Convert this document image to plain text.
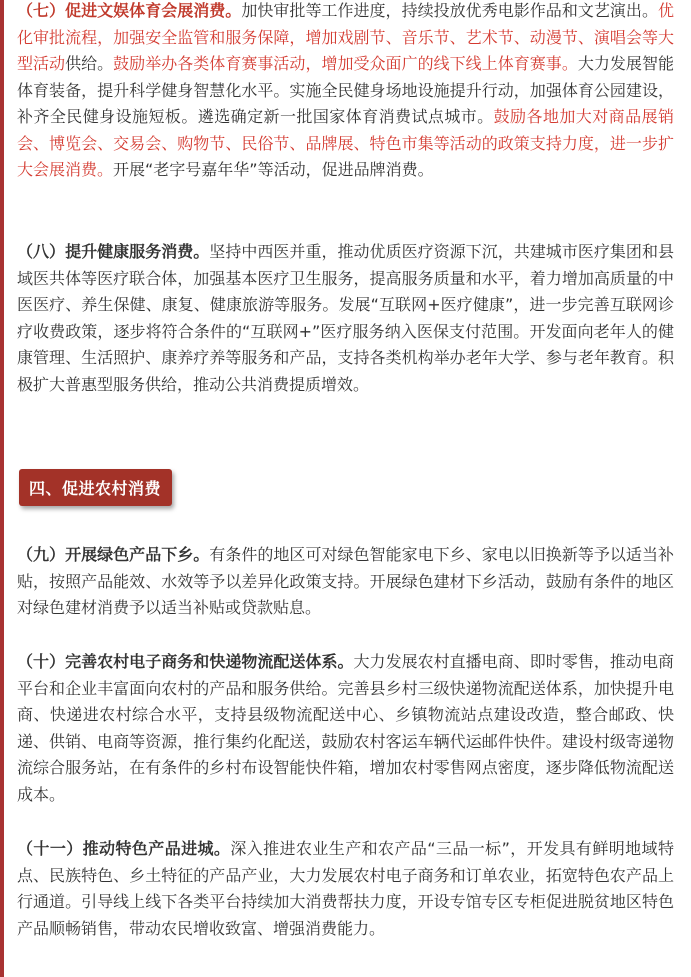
（七）促进文娱体育会展消费。加快审批等工作进度，持续投放优秀电影作品和文艺演出。优化审批流程，加强安全监管和服务保障，增加戏剧节、音乐节、艺术节、动漫节、演唱会等大型活动供给。鼓励举办各类体育赛事活动，增加受众面广的线下线上体育赛事。大力发展智能体育装备，提升科学健身智慧化水平。实施全民健身场地设施提升行动，加强体育公园建设，补齐全民健身设施短板。遴选确定新一批国家体育消费试点城市。鼓励各地加大对商品展销会、博览会、交易会、购物节、民俗节、品牌展、特色市集等活动的政策支持力度，进一步扩大会展消费。开展“老字号嘉年华”等活动，促进品牌消费。

（八）提升健康服务消费。坚持中西医并重，推动优质医疗资源下沉，共建城市医疗集团和县域医共体等医疗联合体，加强基本医疗卫生服务，提高服务质量和水平，着力增加高质量的中医医疗、养生保健、康复、健康旅游等服务。发展“互联网+医疗健康”，进一步完善互联网诊疗收费政策，逐步将符合条件的“互联网+”医疗服务纳入医保支付范围。开发面向老年人的健康管理、生活照护、康养疗养等服务和产品，支持各类机构举办老年大学、参与老年教育。积极扩大普惠型服务供给，推动公共消费提质增效。

四、促进农村消费

（九）开展绿色产品下乡。有条件的地区可对绿色智能家电下乡、家电以旧换新等予以适当补贴，按照产品能效、水效等予以差异化政策支持。开展绿色建材下乡活动，鼓励有条件的地区对绿色建材消费予以适当补贴或贷款贴息。

（十）完善农村电子商务和快递物流配送体系。大力发展农村直播电商、即时零售，推动电商平台和企业丰富面向农村的产品和服务供给。完善县乡村三级快递物流配送体系，加快提升电商、快递进农村综合水平，支持县级物流配送中心、乡镇物流站点建设改造，整合邮政、快递、供销、电商等资源，推行集约化配送，鼓励农村客运车辆代运邮件快件。建设村级寄递物流综合服务站，在有条件的乡村布设智能快件箱，增加农村零售网点密度，逐步降低物流配送成本。

（十一）推动特色产品进城。深入推进农业生产和农产品“三品一标”，开发具有鲜明地域特点、民族特色、乡土特征的产品产业，大力发展农村电子商务和订单农业，拓宽特色农产品上行通道。引导线上线下各类平台持续加大消费帮扶力度，开设专馆专区专柜促进脱贫地区特色产品顺畅销售，带动农民增收致富、增强消费能力。
